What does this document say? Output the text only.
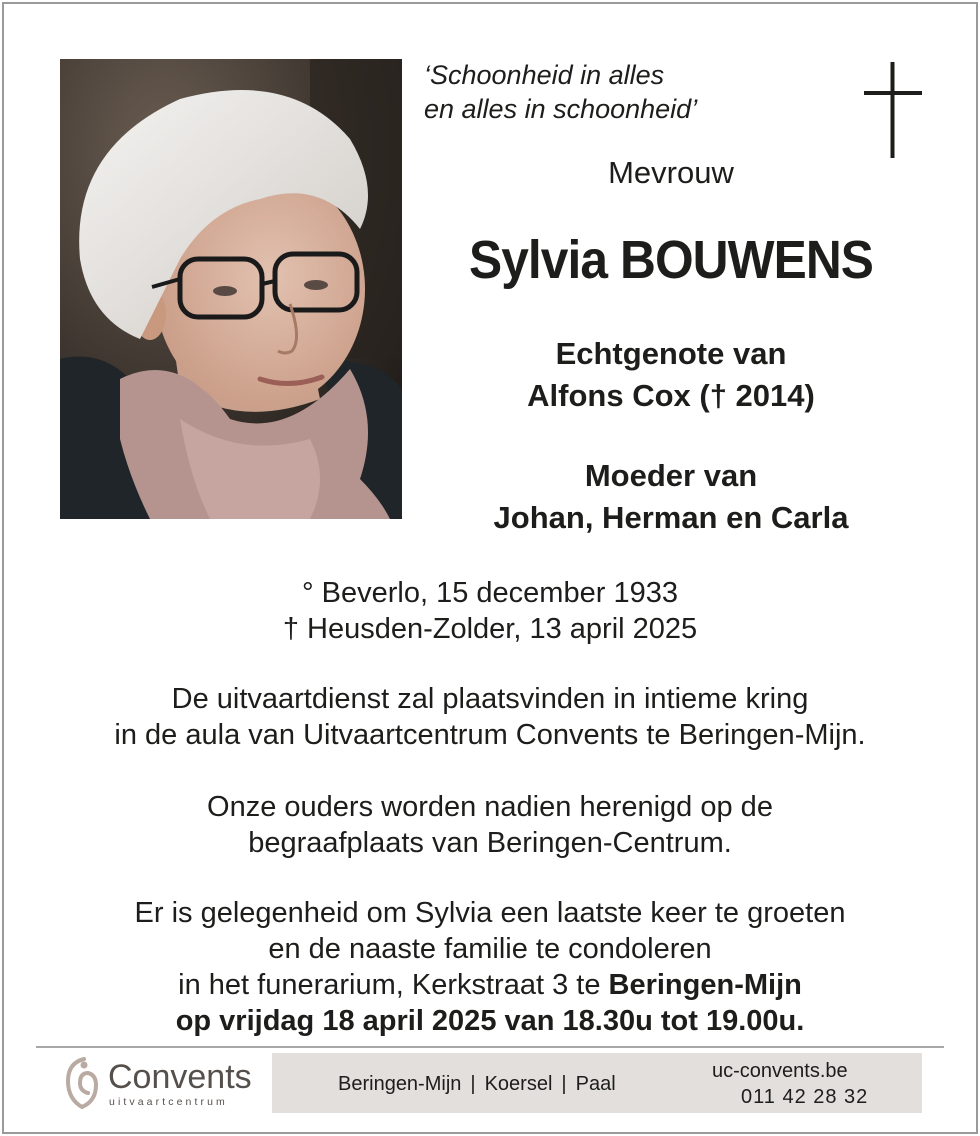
‘Schoonheid in alles
en alles in schoonheid’
Mevrouw
Sylvia BOUWENS
Echtgenote van
Alfons Cox († 2014)
Moeder van
Johan, Herman en Carla
° Beverlo, 15 december 1933
† Heusden-Zolder, 13 april 2025
De uitvaartdienst zal plaatsvinden in intieme kring
in de aula van Uitvaartcentrum Convents te Beringen-Mijn.
Onze ouders worden nadien herenigd op de
begraafplaats van Beringen-Centrum.
Er is gelegenheid om Sylvia een laatste keer te groeten
en de naaste familie te condoleren
in het funerarium, Kerkstraat 3 te Beringen-Mijn
op vrijdag 18 april 2025 van 18.30u tot 19.00u.
Convents
uitvaartcentrum
Beringen-Mijn | Koersel | Paal
uc-convents.be
011 42 28 32
